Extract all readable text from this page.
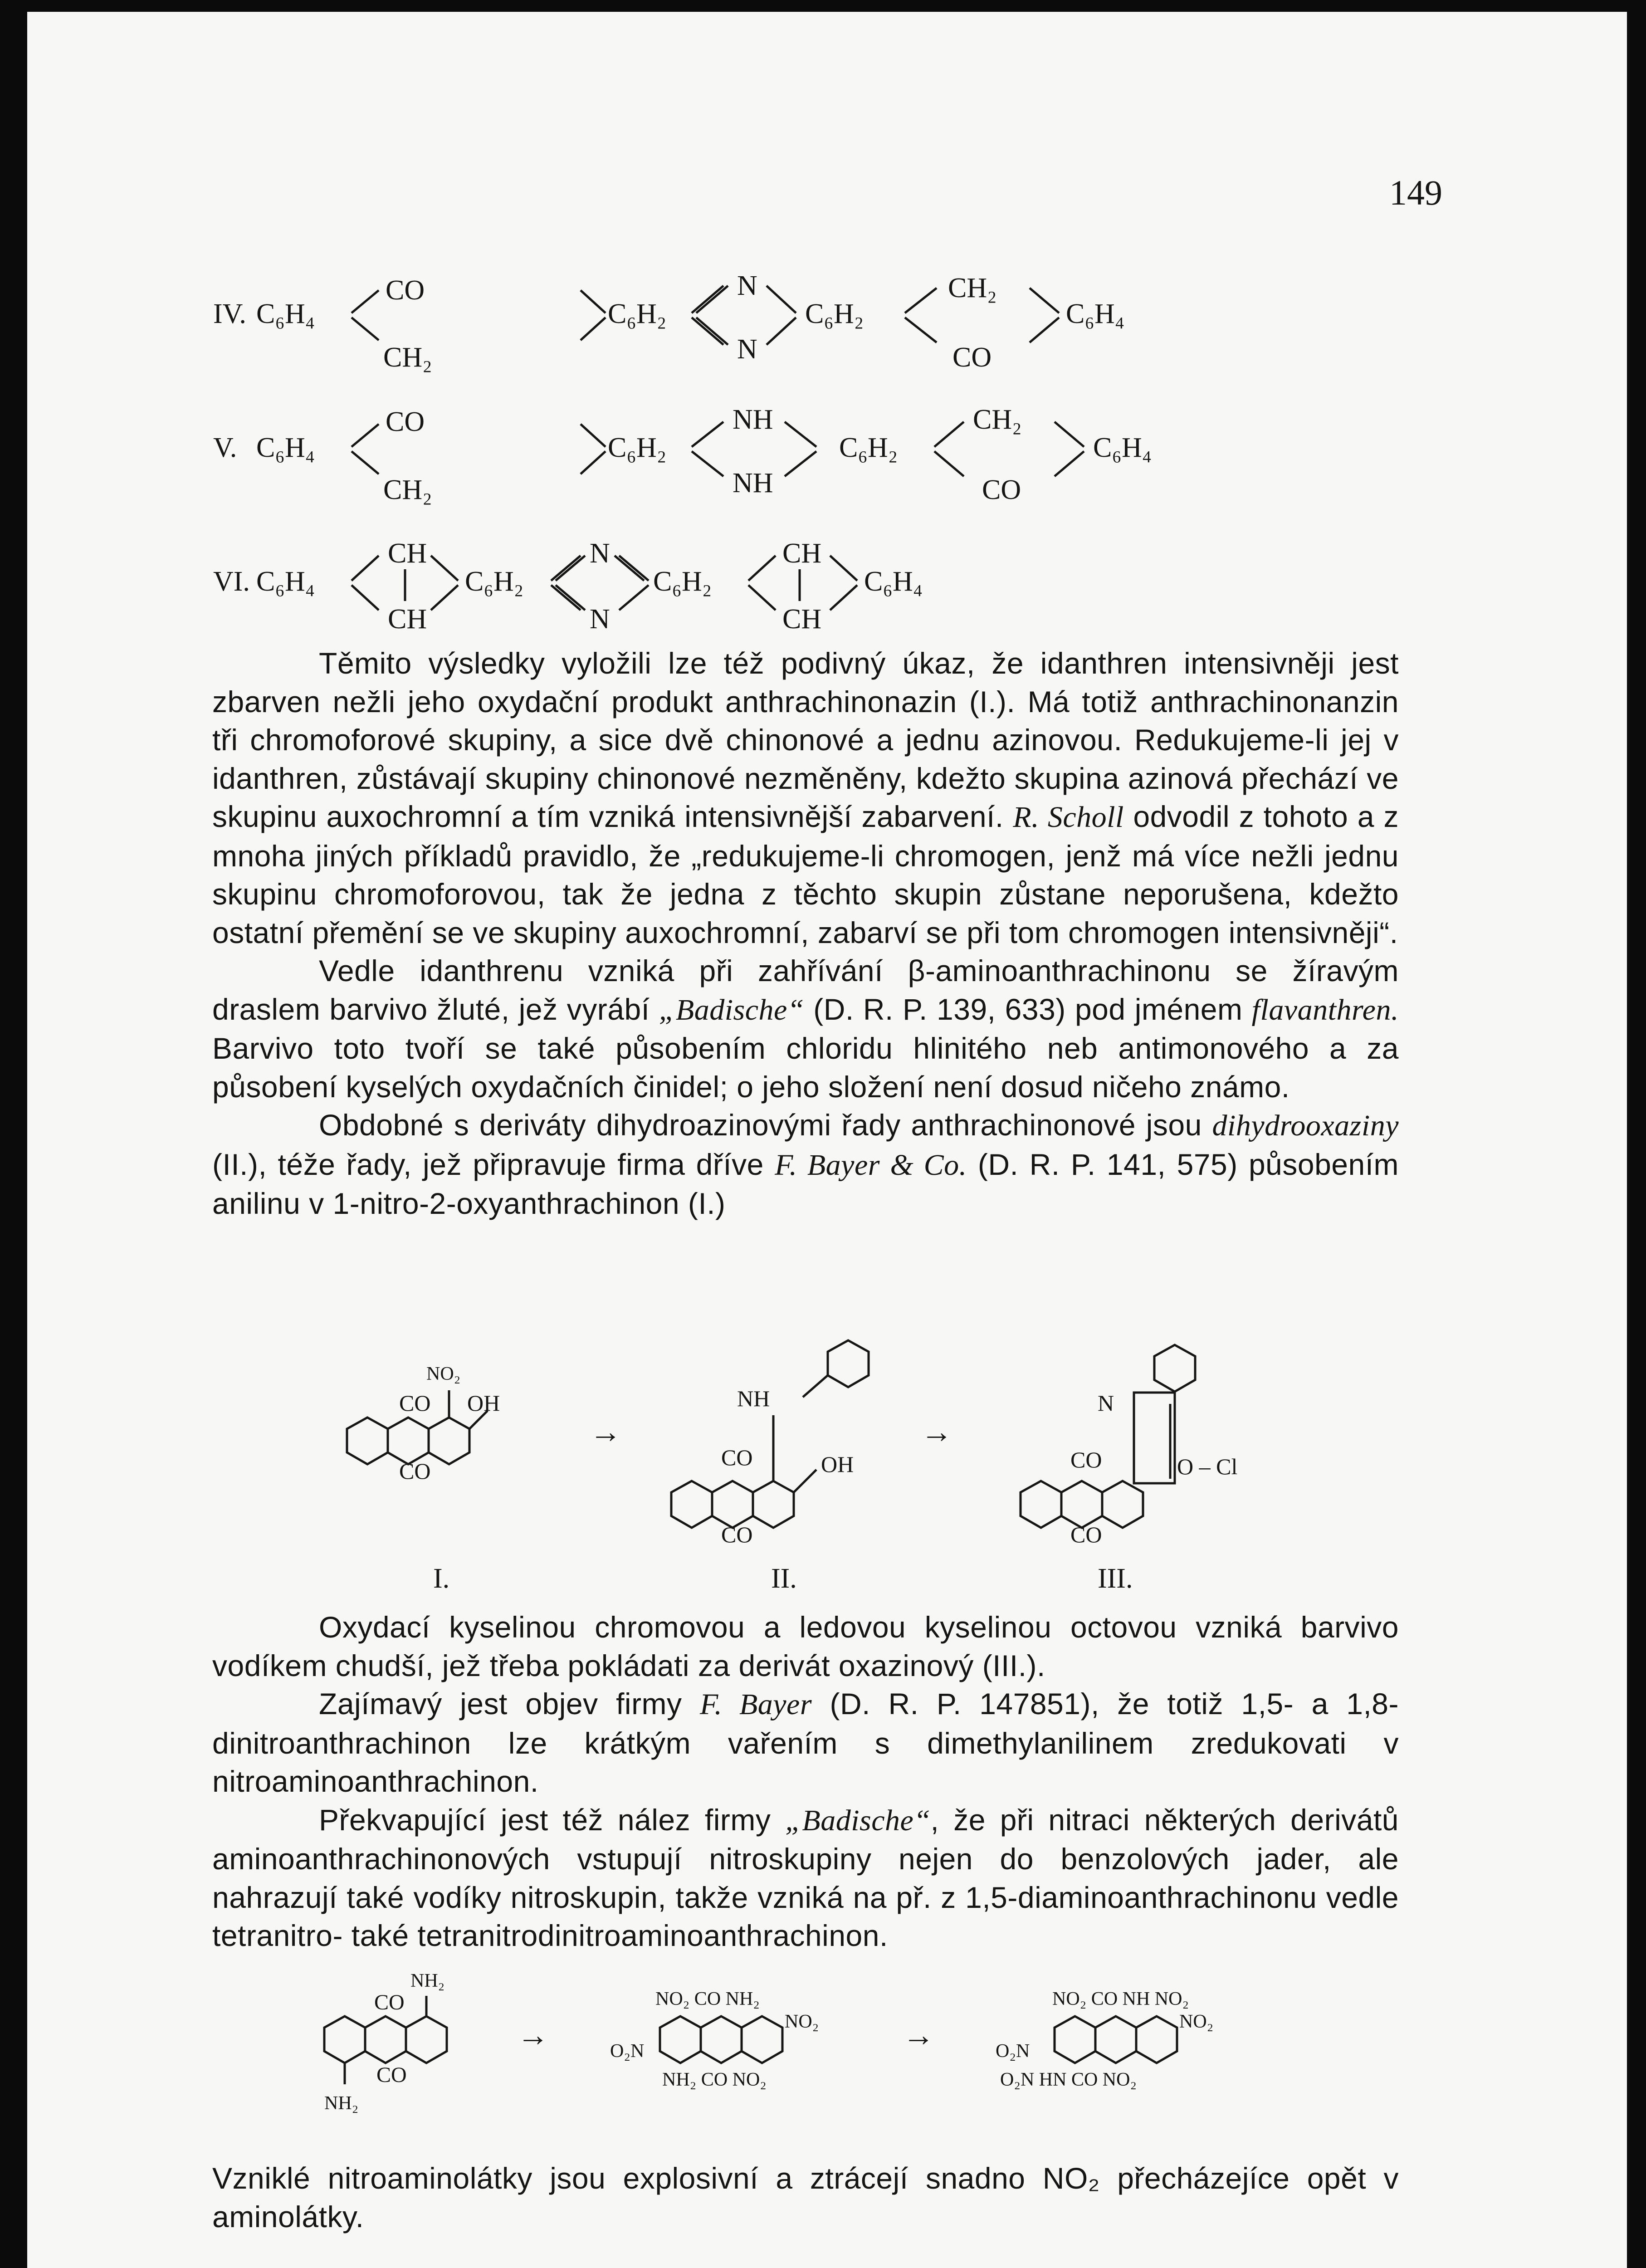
149
IV. C₆H₄
CO
CH₂
C₆H₂
N
N
C₆H₂
CH₂
CO
C₆H₄
V. C₆H₄
CO
CH₂
C₆H₂
NH
NH
C₆H₂
CH₂
CO
C₆H₄
VI. C₆H₄
CH
CH
C₆H₂
N
N
C₆H₂
CH
CH
C₆H₄

Těmito výsledky vyložili lze též podivný úkaz, že idanthren intensivněji jest zbarven nežli jeho oxydační produkt anthrachinonazin (I.). Má totiž anthrachinonanzin tři chromoforové skupiny, a sice dvě chinonové a jednu azinovou. Redukujeme-li jej v idanthren, zůstávají skupiny chinonové nezměněny, kdežto skupina azinová přechází ve skupinu auxochromní a tím vzniká intensivnější zabarvení. R. Scholl odvodil z tohoto a z mnoha jiných příkladů pravidlo, že „redukujeme-li chromogen, jenž má více nežli jednu skupinu chromoforovou, tak že jedna z těchto skupin zůstane neporušena, kdežto ostatní přemění se ve skupiny auxochromní, zabarví se při tom chromogen intensivněji“.

Vedle idanthrenu vzniká při zahřívání β-aminoanthrachinonu se žíravým draslem barvivo žluté, jež vyrábí „Badische“ (D. R. P. 139, 633) pod jménem flavanthren. Barvivo toto tvoří se také působením chloridu hlinitého neb antimonového a za působení kyselých oxydačních činidel; o jeho složení není dosud ničeho známo.

Obdobné s deriváty dihydroazinovými řady anthrachinonové jsou dihydrooxaziny (II.), téže řady, jež připravuje firma dříve F. Bayer & Co. (D. R. P. 141, 575) působením anilinu v 1-nitro-2-oxyanthrachinon (I.)

NO₂
CO OH
CO
→
NH
CO	OH
CO
→
N
CO	O – Cl
CO
I.	II.	III.

Oxydací kyselinou chromovou a ledovou kyselinou octovou vzniká barvivo vodíkem chudší, jež třeba pokládati za derivát oxazinový (III.).

Zajímavý jest objev firmy F. Bayer (D. R. P. 147851), že totiž 1,5- a 1,8-dinitroanthrachinon lze krátkým vařením s dimethylanilinem zredukovati v nitroaminoanthrachinon.

Překvapující jest též nález firmy „Badische“, že při nitraci některých derivátů aminoanthrachinonových vstupují nitroskupiny nejen do benzolových jader, ale nahrazují také vodíky nitroskupin, takže vzniká na př. z 1,5-diaminoanthrachinonu vedle tetranitro- také tetranitrodinitroaminoanthrachinon.

NH₂
CO
CO
NH₂
→
NO₂ CO NH₂
NO₂
O₂N
NH₂ CO NO₂
→
NO₂ CO NH NO₂
NO₂
O₂N
O₂N HN CO NO₂

Vzniklé nitroaminolátky jsou explosivní a ztrácejí snadno NO₂ přecházejíce opět v aminolátky.
